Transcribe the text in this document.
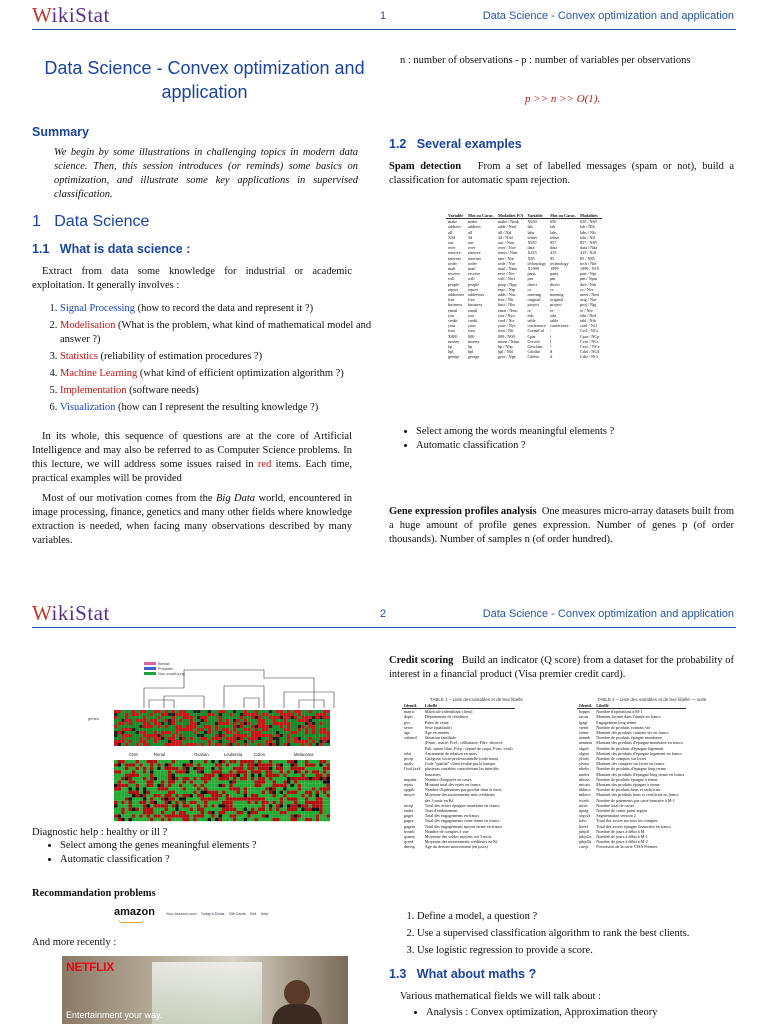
WikiStat	1	Data Science - Convex optimization and application
Data Science - Convex optimization and application
Summary
We begin by some illustrations in challenging topics in modern data science. Then, this session introduces (or reminds) some basics on optimization, and illustrate some key applications in supervised classification.
1   Data Science
1.1   What is data science :
Extract from data some knowledge for industrial or academic exploitation. It generally involves :
1. Signal Processing (how to record the data and represent it ?)
2. Modelisation (What is the problem, what kind of mathematical model and answer ?)
3. Statistics (reliability of estimation procedures ?)
4. Machine Learning (what kind of efficient optimization algorithm ?)
5. Implementation (software needs)
6. Visualization (how can I represent the resulting knowledge ?)
In its whole, this sequence of questions are at the core of Artificial Intelligence and may also be referred to as Computer Science problems. In this lecture, we will address some issues raised in red items. Each time, practical examples will be provided
Most of our motivation comes from the Big Data world, encountered in image processing, finance, genetics and many other fields where knowledge extraction is needed, when facing many observations described by many variables.
n : number of observations - p : number of variables per observations
p >> n >> O(1).
1.2   Several examples
Spam detection From a set of labelled messages (spam or not), build a classification for automatic spam rejection.
Variable	Mot ou Carac.	Modalités P/A	Variable	Mot ou Carac.	Modalités
make	make	make / Nmk	X650	650	650 / N65
address	address	addr / Nad	lab	lab	lab / Nlb
all	all	all / Nal	labs	labs	labs / Nls
X3d	3d	3d / N3d	telnet	telnet	teln / Ntl
our	our	our / Nou	X857	857	857 / N85
over	over	over / Nov	data	data	data / Nda
remove	remove	remo / Nrm	X415	415	415 / N41
internet	internet	inte / Nin	X85	85	85 / N85
order	order	orde / Nor	technology	technology	tech / Nte
mail	mail	mail / Nma	X1999	1999	1999 / N19
receive	receive	reve / Nrc	parts	parts	part / Npt
will	will	will / Nwi	pm	pm	pm / Npm
people	people	peop / Npp	direct	direct	dire / Ndr
report	report	repo / Nrp	cs	cs	cs / Ncs
addresses	addresses	adds / Nas	meeting	meeting	meet / Nmt
free	free	free / Nfr	original	original	orig / Nor
business	business	busi / Nbs	project	project	proj / Npj
email	email	emai / Nem	re	re	re / Nre
you	you	you / Nyo	edu	edu	edu / Ned
credit	credit	cred / Ncr	table	table	tabl / Ntb
your	your	your / Nyr	conference	conference	conf / Ncf
font	font	font / Nft	CsemiCol	;	Cscl / NCs
X000	000	000 / N00	Cpar	(	Cpar / NCp
money	money	mone / Nmn	Ccroch	[	Ccro / NCc
hp	hp	hp / Nhp	Cexclam	!	Cexc / NCe
hpl	hpl	hpl / Nhl	Cdollar	$	Cdol / NCd
george	george	geor / Nge	Cdiese	#	Cdie / NCi
• Select among the words meaningful elements ?
• Automatic classification ?
Gene expression profiles analysis One measures micro-array datasets built from a huge amount of profile genes expression. Number of genes p (of order thousands). Number of samples n (of order hundred).
WikiStat	2	Data Science - Convex optimization and application
Breast
Prostate
Non-small-lung
genes
CNS	Renal	Ovarian	Leukemia	Colon	Melanoma
Diagnostic help : healthy or ill ?
• Select among the genes meaningful elements ?
• Automatic classification ?
Recommandation problems
amazon	Your Amazon.com Today's Deals Gift Cards Sell Help
And more recently :
NETFLIX
Entertainment your way.
Credit scoring Build an indicator (Q score) from a dataset for the probability of interest in a financial product (Visa premier credit card).
TABLE 1 – Liste des variables et de leur libellé	TABLE 2 – Liste des variables et de leur libellé — suite
Identif.	Libellé
matric	Matricule (identifiant client)
depts	Département de résidence
pvs	Point de vente
sexec	Sexe (qualitatif)
age	Age en années
sitfamil	Situation familiale
	(Fmar : marié, Fcel : célibataire, Fdiv :divorcé,
	Fuli :union libre, Fsep : séparé de corps, Fveu :veuf)
relat	Ancienneté de relation en mois
prcsp	Catégorie socio-professionnelle (code num)
quals	Code "qualité" client évalué par la banque
GxxGxxS	plusieurs variables caractérisant les interdits
	bancaires
impnbs	Nombre d'impayés en cours
rejets	Montant total des rejets en francs
opgnb	Nombre d'opérations par guichet dans le mois
moyrv	Moyenne des mouvements nets créditeurs
	des 3 mois en Kf
tavep	Total des avoirs épargne monétaire en francs
endet	Taux d'endettement
gaget	Total des engagements en francs
gagec	Total des engagements court terme en francs
gagem	Total des engagements moyen terme en francs
kvunb	Nombre de comptes à vue
qsmoy	Moyenne des soldes moyens sur 3 mois
qcred	Moyenne des mouvements créditeurs en Kf
dmvtp	Age du dernier mouvement (en jours)
Identif.	Libellé
boppn	Nombre d'opérations à M-1
facan	Montant facturé dans l'année en francs
lgagt	Engagement long terme
vienb	Nombre de produits contrats vie
viemt	Montant des produits contrats vie en francs
uemnb	Nombre de produits épargne monétaire
uemmts	Montant des produits d'épargne monétaire en francs
xlgnb	Nombre de produits d'épargne logement
xlgmt	Montant des produits d'épargne logement en francs
ylvnb	Nombre de comptes sur livret
ylvmt	Montant des comptes sur livret en francs
nbelts	Nombre de produits d'épargne long terme
mtelts	Montant des produits d'épargne long terme en francs
nbcats	Nombre de produits épargne à terme
mtcats	Montant des produits épargne à terme
nbbecs	Nombre de produits bons et certificats
mtbecs	Montant des produits bons et certificats en francs
rocnb	Nombre de paiements par carte bancaire à M-1
ntcas	Nombre total de cartes
nptag	Nombre de cartes point argent
segv2s	Segmentation version 2
itavc	Total des avoirs sur tous les comptes
havef	Total des avoirs épargne financière en francs
jnbjdl	Nombre de jours à débit à M
jnbjd2s	Nombre de jours à débit à M-1
jnbjd3s	Nombre de jours à débit à M-2
carvp	Possession de la carte VISA Premier
1. Define a model, a question ?
2. Use a supervised classification algorithm to rank the best clients.
3. Use logistic regression to provide a score.
1.3   What about maths ?
Various mathematical fields we will talk about :
• Analysis : Convex optimization, Approximation theory
